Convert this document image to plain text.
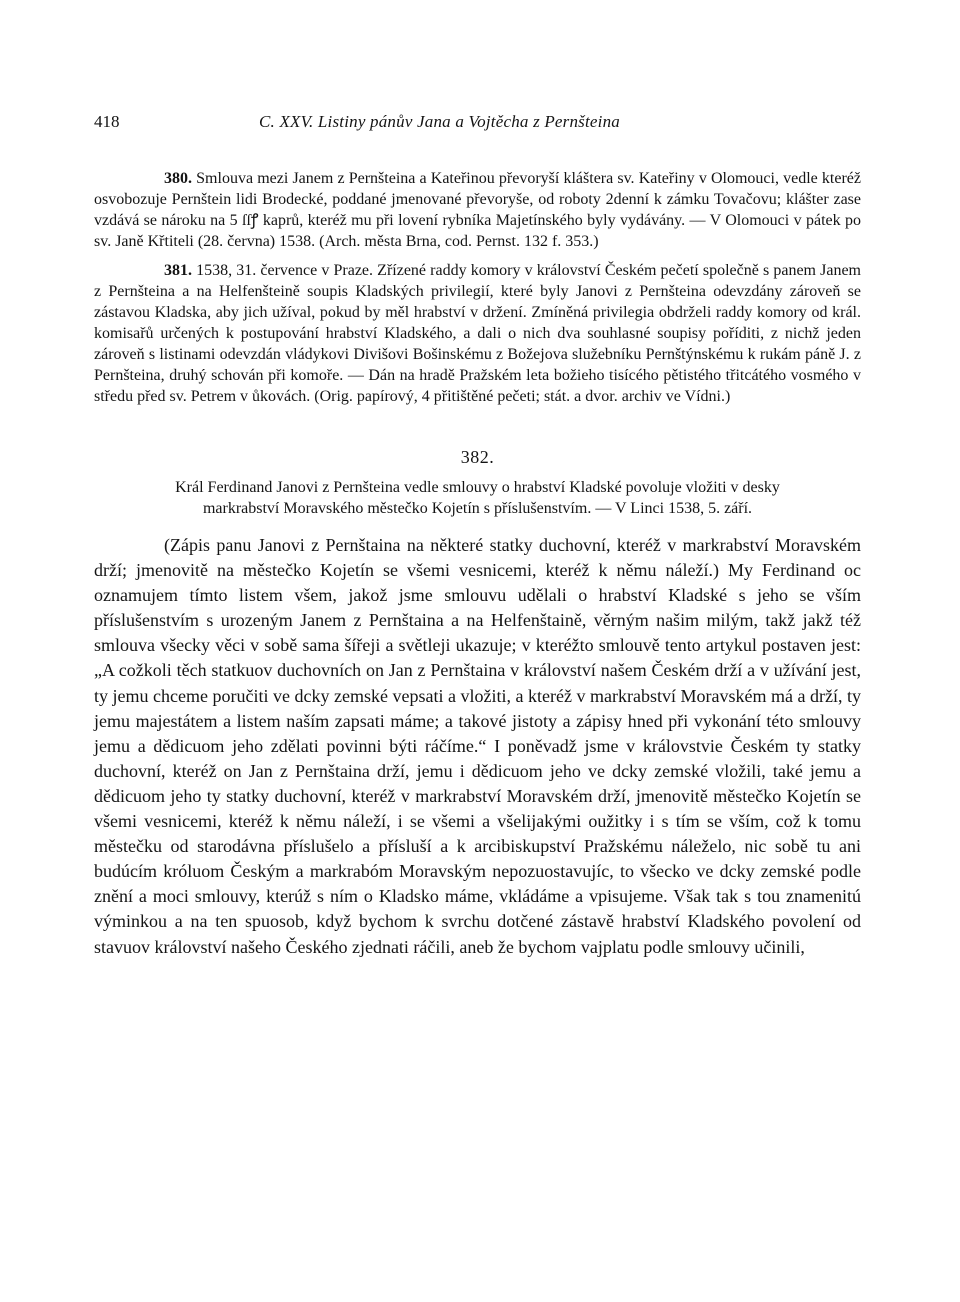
418	C. XXV. Listiny pánův Jana a Vojtěcha z Pernšteina

380. Smlouva mezi Janem z Pernšteina a Kateřinou převoryší kláštera sv. Kateřiny v Olomouci, vedle kteréž osvobozuje Pernštein lidi Brodecké, poddané jmenované převoryše, od roboty 2denní k zámku Tovačovu; klášter zase vzdává se nároku na 5 ſſꝭ kaprů, kteréž mu při lovení rybníka Majetínského byly vydávány. — V Olomouci v pátek po sv. Janě Křtiteli (28. června) 1538. (Arch. města Brna, cod. Pernst. 132 f. 353.)

381. 1538, 31. července v Praze. Zřízené raddy komory v království Českém pečetí společně s panem Janem z Pernšteina a na Helfenšteině soupis Kladských privilegií, které byly Janovi z Pernšteina odevzdány zároveň se zástavou Kladska, aby jich užíval, pokud by měl hrabství v držení. Zmíněná privilegia obdrželi raddy komory od král. komisařů určených k postupování hrabství Kladského, a dali o nich dva souhlasné soupisy poříditi, z nichž jeden zároveň s listinami odevzdán vládykovi Divišovi Bošinskému z Božejova služebníku Pernštýnskému k rukám páně J. z Pernšteina, druhý schován při komoře. — Dán na hradě Pražském leta božieho tisícého pětistého třitcátého vosmého v středu před sv. Petrem v ůkovách. (Orig. papírový, 4 přitištěné pečeti; stát. a dvor. archiv ve Vídni.)

382.

Král Ferdinand Janovi z Pernšteina vedle smlouvy o hrabství Kladské povoluje vložiti v desky
markrabství Moravského městečko Kojetín s příslušenstvím. — V Linci 1538, 5. září.

(Zápis panu Janovi z Pernštaina na některé statky duchovní, kteréž v markrabství Moravském drží; jmenovitě na městečko Kojetín se všemi vesnicemi, kteréž k němu náleží.) My Ferdinand oc oznamujem tímto listem všem, jakož jsme smlouvu udělali o hrabství Kladské s jeho se vším příslušenstvím s urozeným Janem z Pernštaina a na Helfenštaině, věrným našim milým, takž jakž též smlouva všecky věci v sobě sama šířeji a světleji ukazuje; v kteréžto smlouvě tento artykul postaven jest: „A cožkoli těch statkuov duchovních on Jan z Pernštaina v království našem Českém drží a v užívání jest, ty jemu chceme poručiti ve dcky zemské vepsati a vložiti, a kteréž v markrabství Moravském má a drží, ty jemu majestátem a listem naším zapsati máme; a takové jistoty a zápisy hned při vykonání této smlouvy jemu a dědicuom jeho zdělati povinni býti ráčíme.“ I poněvadž jsme v královstvie Českém ty statky duchovní, kteréž on Jan z Pernštaina drží, jemu i dědicuom jeho ve dcky zemské vložili, také jemu a dědicuom jeho ty statky duchovní, kteréž v markrabství Moravském drží, jmenovitě městečko Kojetín se všemi vesnicemi, kteréž k němu náleží, i se všemi a všelijakými oužitky i s tím se vším, což k tomu městečku od starodávna příslušelo a přísluší a k arcibiskupství Pražskému náleželo, nic sobě tu ani budúcím króluom Českým a markrabóm Moravským nepozuostavujíc, to všecko ve dcky zemské podle znění a moci smlouvy, kterúž s ním o Kladsko máme, vkládáme a vpisujeme. Však tak s tou znamenitú výminkou a na ten spuosob, když bychom k svrchu dotčené zástavě hrabství Kladského povolení od stavuov království našeho Českého zjednati ráčili, aneb že bychom vajplatu podle smlouvy učinili,
